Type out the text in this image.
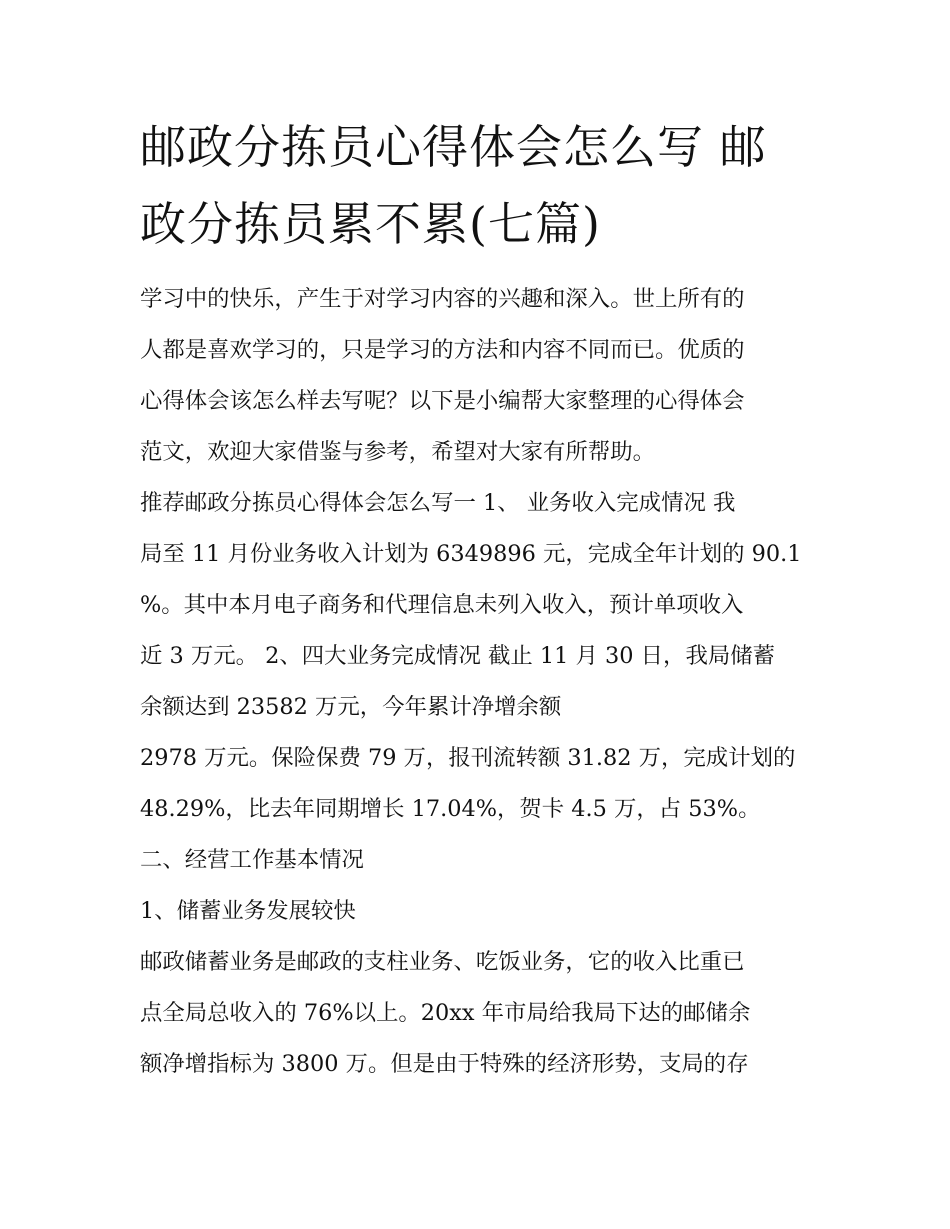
邮政分拣员心得体会怎么写 邮
政分拣员累不累(七篇)

学习中的快乐，产生于对学习内容的兴趣和深入。世上所有的

人都是喜欢学习的，只是学习的方法和内容不同而已。优质的

心得体会该怎么样去写呢？以下是小编帮大家整理的心得体会

范文，欢迎大家借鉴与参考，希望对大家有所帮助。

推荐邮政分拣员心得体会怎么写一 1、 业务收入完成情况 我

局至 11 月份业务收入计划为 6349896 元，完成全年计划的 90.1

%。其中本月电子商务和代理信息未列入收入，预计单项收入

近 3 万元。 2、四大业务完成情况 截止 11 月 30 日，我局储蓄

余额达到 23582 万元，今年累计净增余额

2978 万元。保险保费 79 万，报刊流转额 31.82 万，完成计划的

48.29%，比去年同期增长 17.04%，贺卡 4.5 万，占 53%。

二、经营工作基本情况

1、储蓄业务发展较快

邮政储蓄业务是邮政的支柱业务、吃饭业务，它的收入比重已

点全局总收入的 76%以上。20xx 年市局给我局下达的邮储余

额净增指标为 3800 万。但是由于特殊的经济形势，支局的存
